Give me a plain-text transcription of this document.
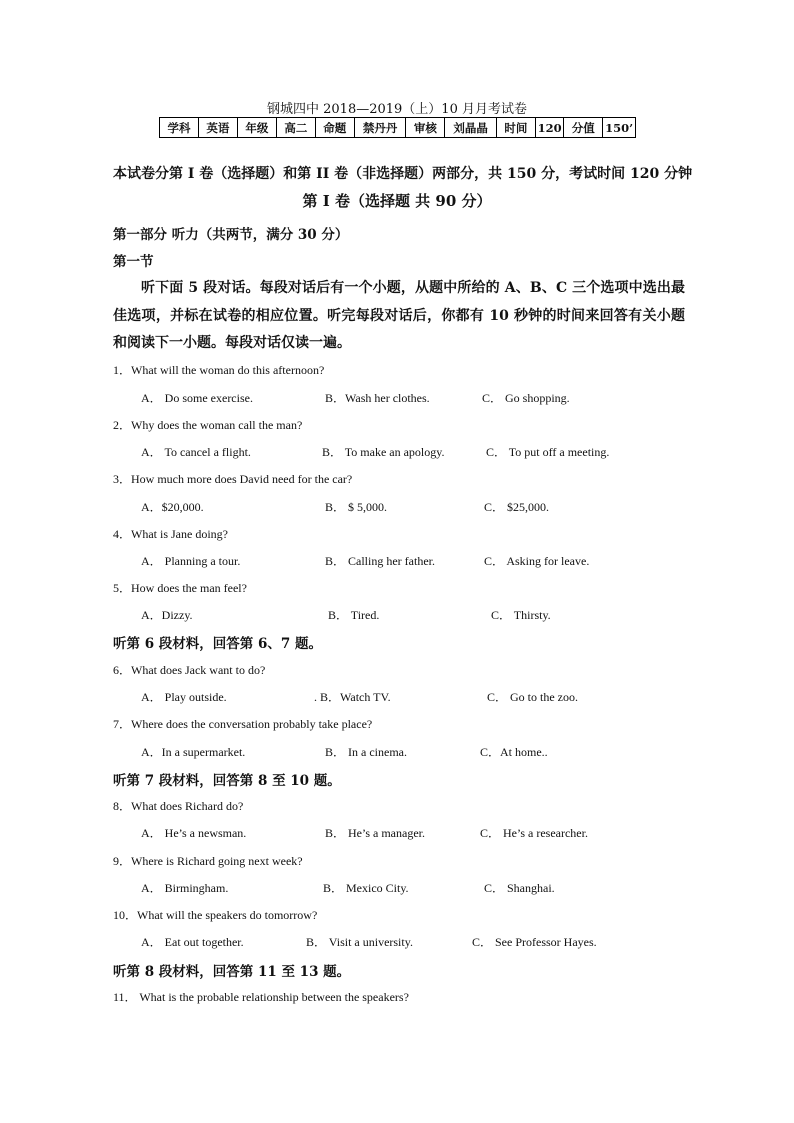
钢城四中 2018—2019（上）10 月月考试卷
学科	英语	年级	高二	命题	禁丹丹	审核	刘晶晶	时间	120	分值	150’
本试卷分第 I 卷（选择题）和第 II 卷（非选择题）两部分，共 150 分，考试时间 120 分钟
第 I 卷（选择题 共 90 分）
第一部分 听力（共两节，满分 30 分）
第一节
听下面 5 段对话。每段对话后有一个小题，从题中所给的 A、B、C 三个选项中选出最佳选项，并标在试卷的相应位置。听完每段对话后，你都有 10 秒钟的时间来回答有关小题和阅读下一小题。每段对话仅读一遍。
1．What will the woman do this afternoon?
A． Do some exercise.	B．Wash her clothes.	C． Go shopping.
2．Why does the woman call the man?
A． To cancel a flight.	B． To make an apology.	C． To put off a meeting.
3．How much more does David need for the car?
A．$20,000.	B． $ 5,000.	C． $25,000.
4．What is Jane doing?
A． Planning a tour.	B． Calling her father.	C． Asking for leave.
5．How does the man feel?
A．Dizzy.	B． Tired.	C． Thirsty.
听第 6 段材料，回答第 6、7 题。
6．What does Jack want to do?
A． Play outside.	. B．Watch TV.	C． Go to the zoo.
7．Where does the conversation probably take place?
A．In a supermarket.	B． In a cinema.	C．At home..
听第 7 段材料，回答第 8 至 10 题。
8．What does Richard do?
A． He’s a newsman.	B． He’s a manager.	C． He’s a researcher.
9．Where is Richard going next week?
A． Birmingham.	B． Mexico City.	C． Shanghai.
10．What will the speakers do tomorrow?
A． Eat out together.	B． Visit a university.	C． See Professor Hayes.
听第 8 段材料，回答第 11 至 13 题。
11． What is the probable relationship between the speakers?
